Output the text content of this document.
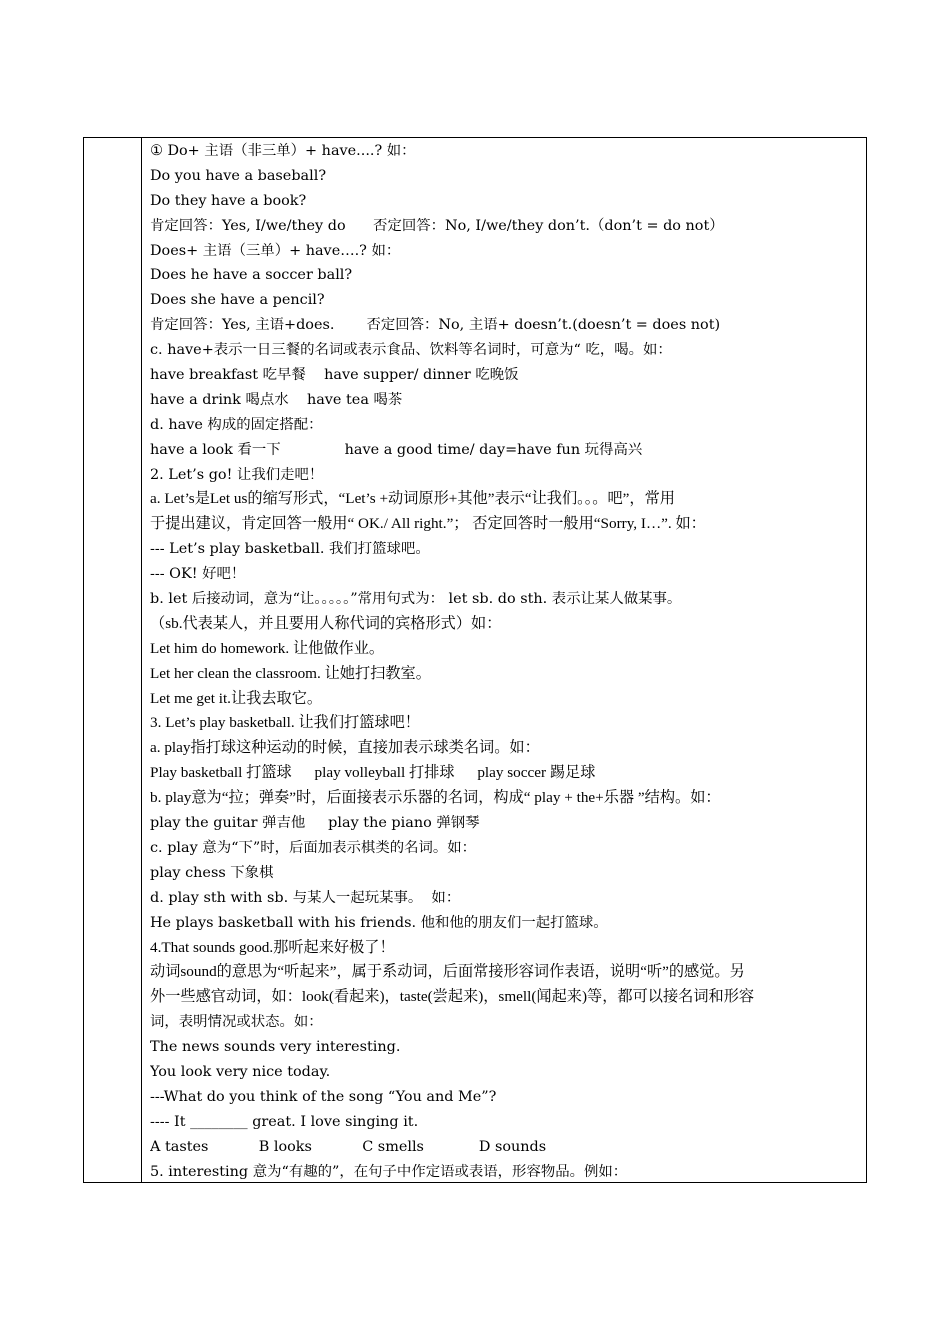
① Do+ 主语（非三单）+ have....? 如：
Do you have a baseball?
Do they have a book?
肯定回答：Yes, I/we/they do      否定回答：No, I/we/they don’t.（don’t = do not）
Does+ 主语（三单）+ have….? 如：
Does he have a soccer ball?
Does she have a pencil?
肯定回答：Yes, 主语+does.       否定回答：No, 主语+ doesn’t.(doesn’t = does not)
c. have+表示一日三餐的名词或表示食品、饮料等名词时，可意为“ 吃，喝。如：
have breakfast 吃早餐    have supper/ dinner 吃晚饭
have a drink 喝点水    have tea 喝茶
d. have 构成的固定搭配：
have a look 看一下              have a good time/ day=have fun 玩得高兴
2. Let’s go! 让我们走吧！
a. Let’s是Let us的缩写形式，“Let’s +动词原形+其他”表示“让我们。。。吧”，常用
于提出建议，肯定回答一般用“ OK./ All right.”； 否定回答时一般用“Sorry, I…”. 如：
--- Let’s play basketball. 我们打篮球吧。
--- OK! 好吧！
b. let 后接动词，意为“让。。。。。”常用句式为： let sb. do sth. 表示让某人做某事。
（sb.代表某人，并且要用人称代词的宾格形式）如：
Let him do homework. 让他做作业。
Let her clean the classroom. 让她打扫教室。
Let me get it.让我去取它。
3. Let’s play basketball. 让我们打篮球吧！
a. play指打球这种运动的时候，直接加表示球类名词。如：
Play basketball 打篮球      play volleyball 打排球      play soccer 踢足球
b. play意为“拉；弹奏”时，后面接表示乐器的名词，构成“ play + the+乐器 ”结构。如：
play the guitar 弹吉他     play the piano 弹钢琴
c. play 意为“下”时，后面加表示棋类的名词。如：
play chess 下象棋
d. play sth with sb. 与某人一起玩某事。  如：
He plays basketball with his friends. 他和他的朋友们一起打篮球。
4.That sounds good.那听起来好极了！
动词sound的意思为“听起来”，属于系动词，后面常接形容词作表语，说明“听”的感觉。另
外一些感官动词，如：look(看起来)，taste(尝起来)，smell(闻起来)等，都可以接名词和形容
词，表明情况或状态。如：
The news sounds very interesting.
You look very nice today.
---What do you think of the song “You and Me”?
---- It ________ great. I love singing it.
A tastes           B looks           C smells            D sounds
5. interesting 意为“有趣的”，在句子中作定语或表语，形容物品。例如：
